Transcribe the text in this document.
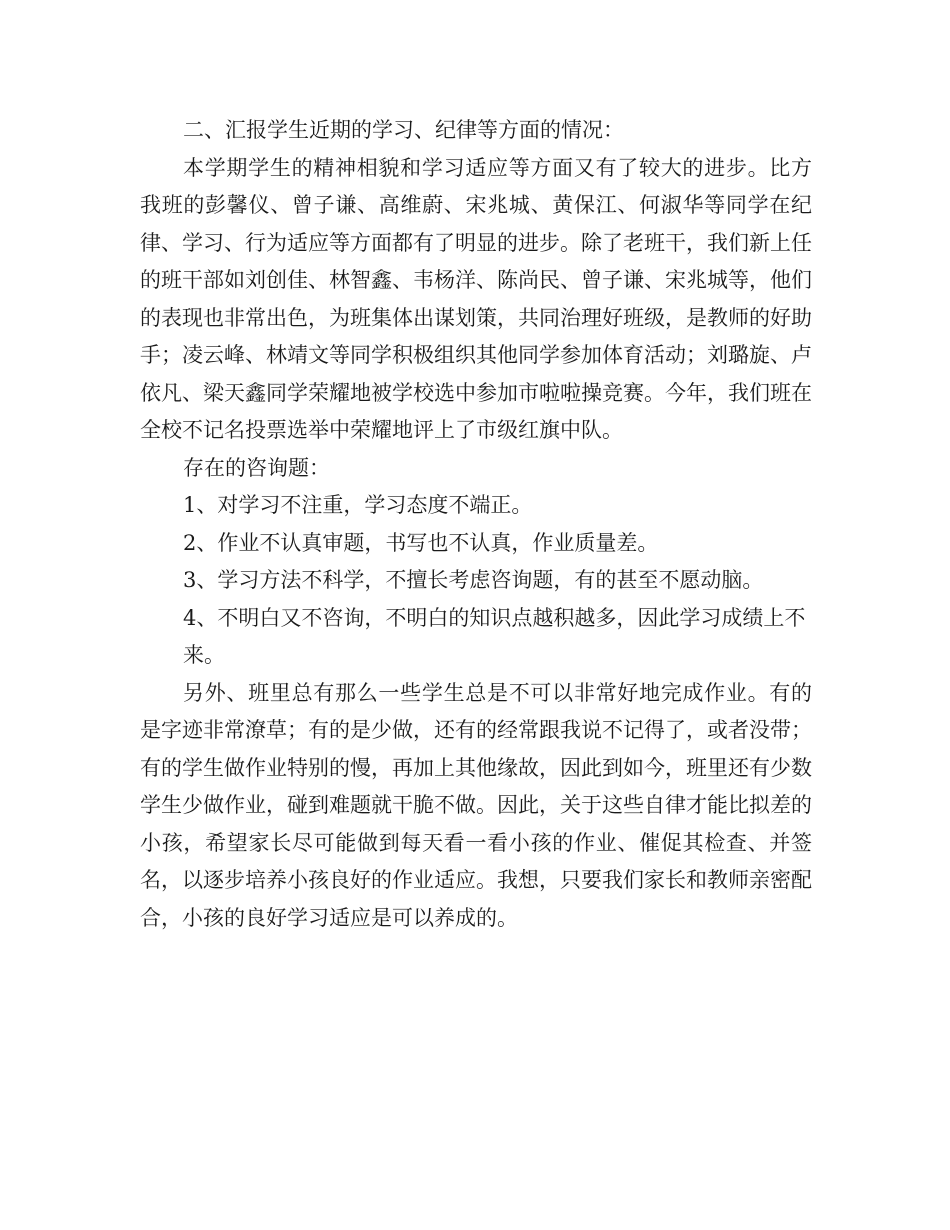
二、汇报学生近期的学习、纪律等方面的情况：

本学期学生的精神相貌和学习适应等方面又有了较大的进步。比方我班的彭馨仪、曾子谦、高维蔚、宋兆城、黄保江、何淑华等同学在纪律、学习、行为适应等方面都有了明显的进步。除了老班干，我们新上任的班干部如刘创佳、林智鑫、韦杨洋、陈尚民、曾子谦、宋兆城等，他们的表现也非常出色，为班集体出谋划策，共同治理好班级，是教师的好助手；凌云峰、林靖文等同学积极组织其他同学参加体育活动；刘璐旋、卢依凡、梁天鑫同学荣耀地被学校选中参加市啦啦操竞赛。今年，我们班在全校不记名投票选举中荣耀地评上了市级红旗中队。

存在的咨询题：

1、对学习不注重，学习态度不端正。

2、作业不认真审题，书写也不认真，作业质量差。

3、学习方法不科学，不擅长考虑咨询题，有的甚至不愿动脑。

4、不明白又不咨询，不明白的知识点越积越多，因此学习成绩上不

来。

另外、班里总有那么一些学生总是不可以非常好地完成作业。有的是字迹非常潦草；有的是少做，还有的经常跟我说不记得了，或者没带；有的学生做作业特别的慢，再加上其他缘故，因此到如今，班里还有少数学生少做作业，碰到难题就干脆不做。因此，关于这些自律才能比拟差的小孩，希望家长尽可能做到每天看一看小孩的作业、催促其检查、并签名，以逐步培养小孩良好的作业适应。我想，只要我们家长和教师亲密配合，小孩的良好学习适应是可以养成的。
